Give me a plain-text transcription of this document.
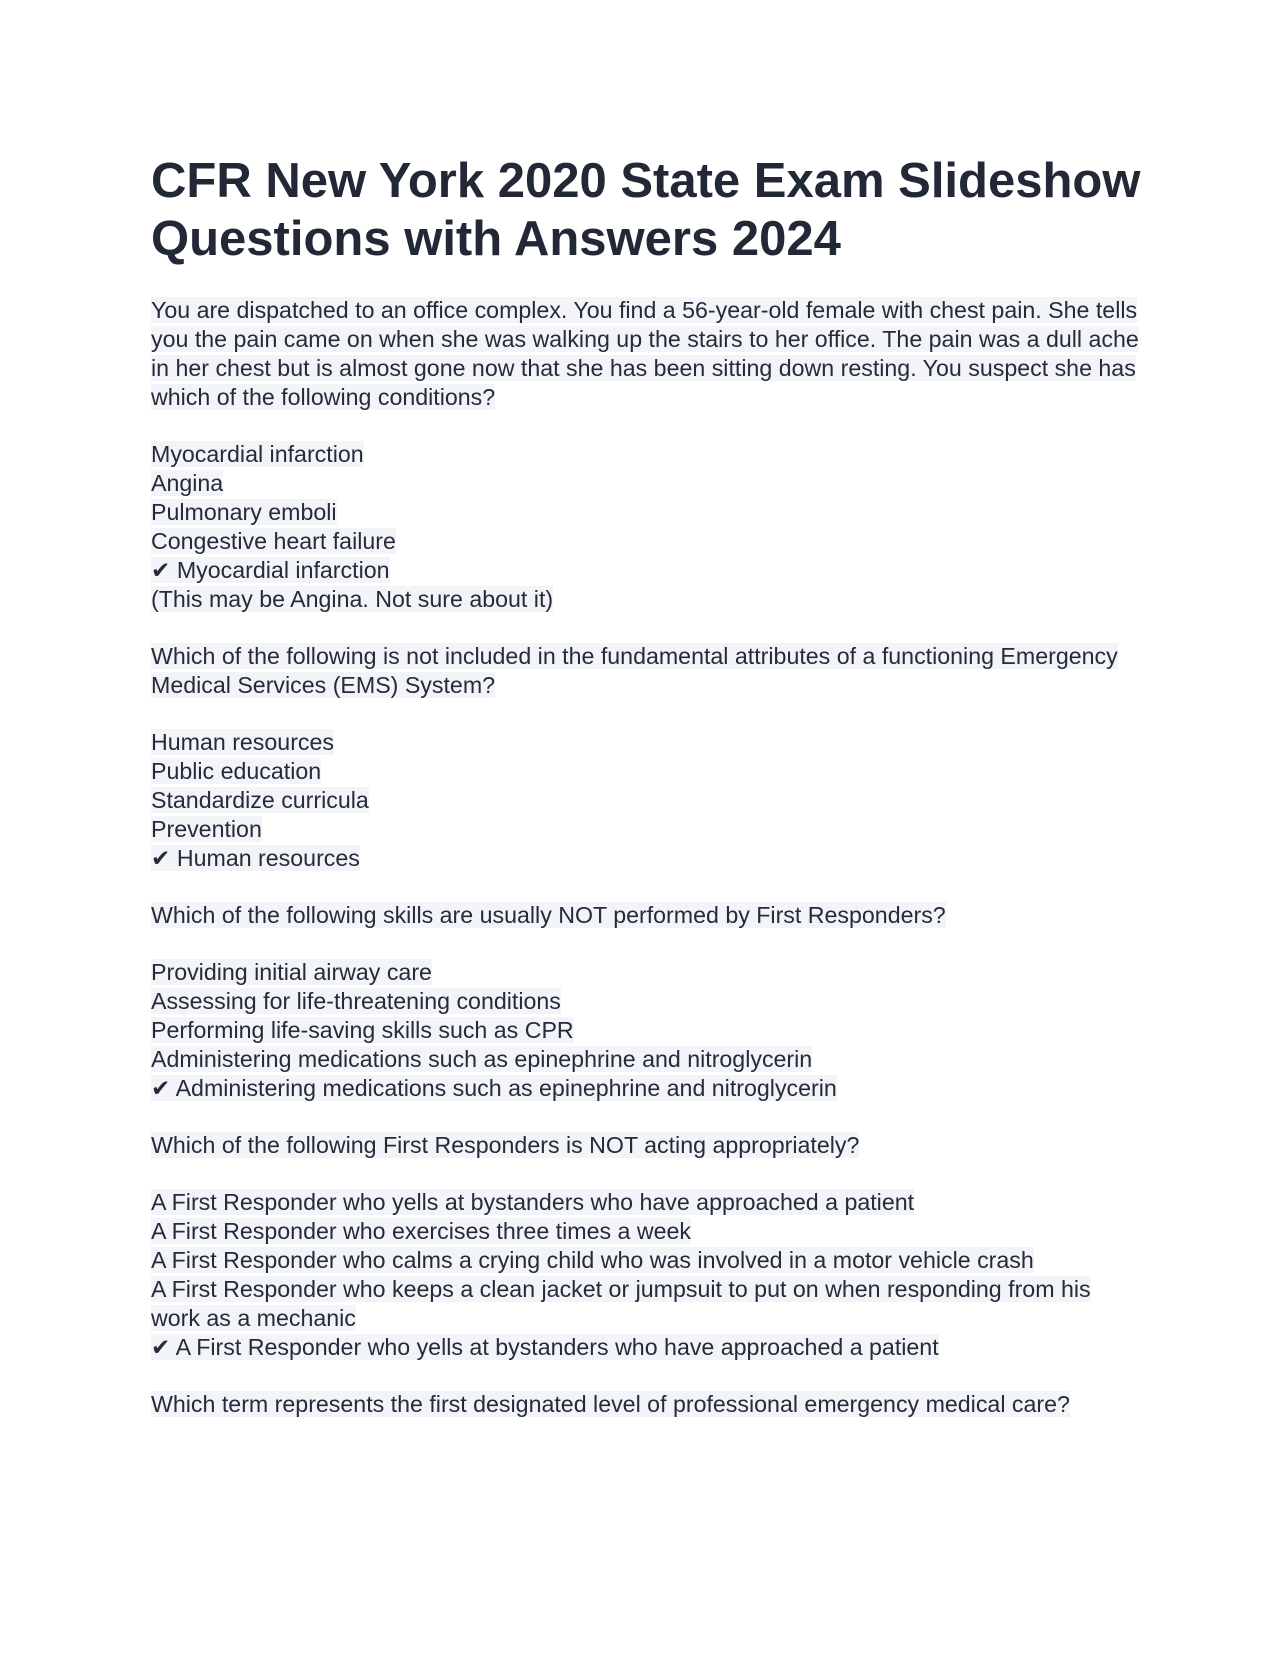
CFR New York 2020 State Exam Slideshow Questions with Answers 2024
You are dispatched to an office complex. You find a 56-year-old female with chest pain. She tells you the pain came on when she was walking up the stairs to her office. The pain was a dull ache in her chest but is almost gone now that she has been sitting down resting. You suspect she has which of the following conditions?
Myocardial infarction
Angina
Pulmonary emboli
Congestive heart failure
✔ Myocardial infarction
(This may be Angina. Not sure about it)
Which of the following is not included in the fundamental attributes of a functioning Emergency Medical Services (EMS) System?
Human resources
Public education
Standardize curricula
Prevention
✔ Human resources
Which of the following skills are usually NOT performed by First Responders?
Providing initial airway care
Assessing for life-threatening conditions
Performing life-saving skills such as CPR
Administering medications such as epinephrine and nitroglycerin
✔ Administering medications such as epinephrine and nitroglycerin
Which of the following First Responders is NOT acting appropriately?
A First Responder who yells at bystanders who have approached a patient
A First Responder who exercises three times a week
A First Responder who calms a crying child who was involved in a motor vehicle crash
A First Responder who keeps a clean jacket or jumpsuit to put on when responding from his work as a mechanic
✔ A First Responder who yells at bystanders who have approached a patient
Which term represents the first designated level of professional emergency medical care?
